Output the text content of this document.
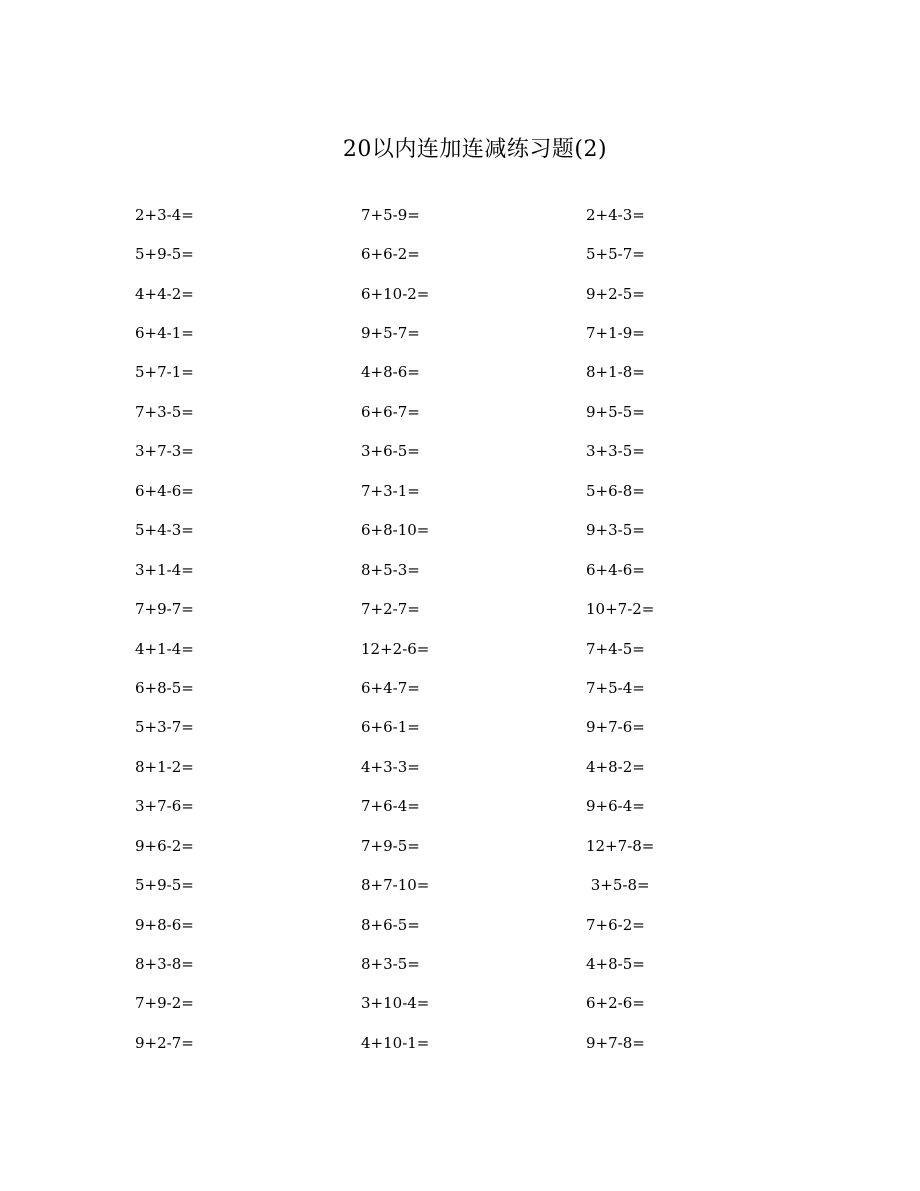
20以内连加连减练习题(2)
2+3-4=	7+5-9=	2+4-3=
5+9-5=	6+6-2=	5+5-7=
4+4-2=	6+10-2=	9+2-5=
6+4-1=	9+5-7=	7+1-9=
5+7-1=	4+8-6=	8+1-8=
7+3-5=	6+6-7=	9+5-5=
3+7-3=	3+6-5=	3+3-5=
6+4-6=	7+3-1=	5+6-8=
5+4-3=	6+8-10=	9+3-5=
3+1-4=	8+5-3=	6+4-6=
7+9-7=	7+2-7=	10+7-2=
4+1-4=	12+2-6=	7+4-5=
6+8-5=	6+4-7=	7+5-4=
5+3-7=	6+6-1=	9+7-6=
8+1-2=	4+3-3=	4+8-2=
3+7-6=	7+6-4=	9+6-4=
9+6-2=	7+9-5=	12+7-8=
5+9-5=	8+7-10=	3+5-8=
9+8-6=	8+6-5=	7+6-2=
8+3-8=	8+3-5=	4+8-5=
7+9-2=	3+10-4=	6+2-6=
9+2-7=	4+10-1=	9+7-8=
